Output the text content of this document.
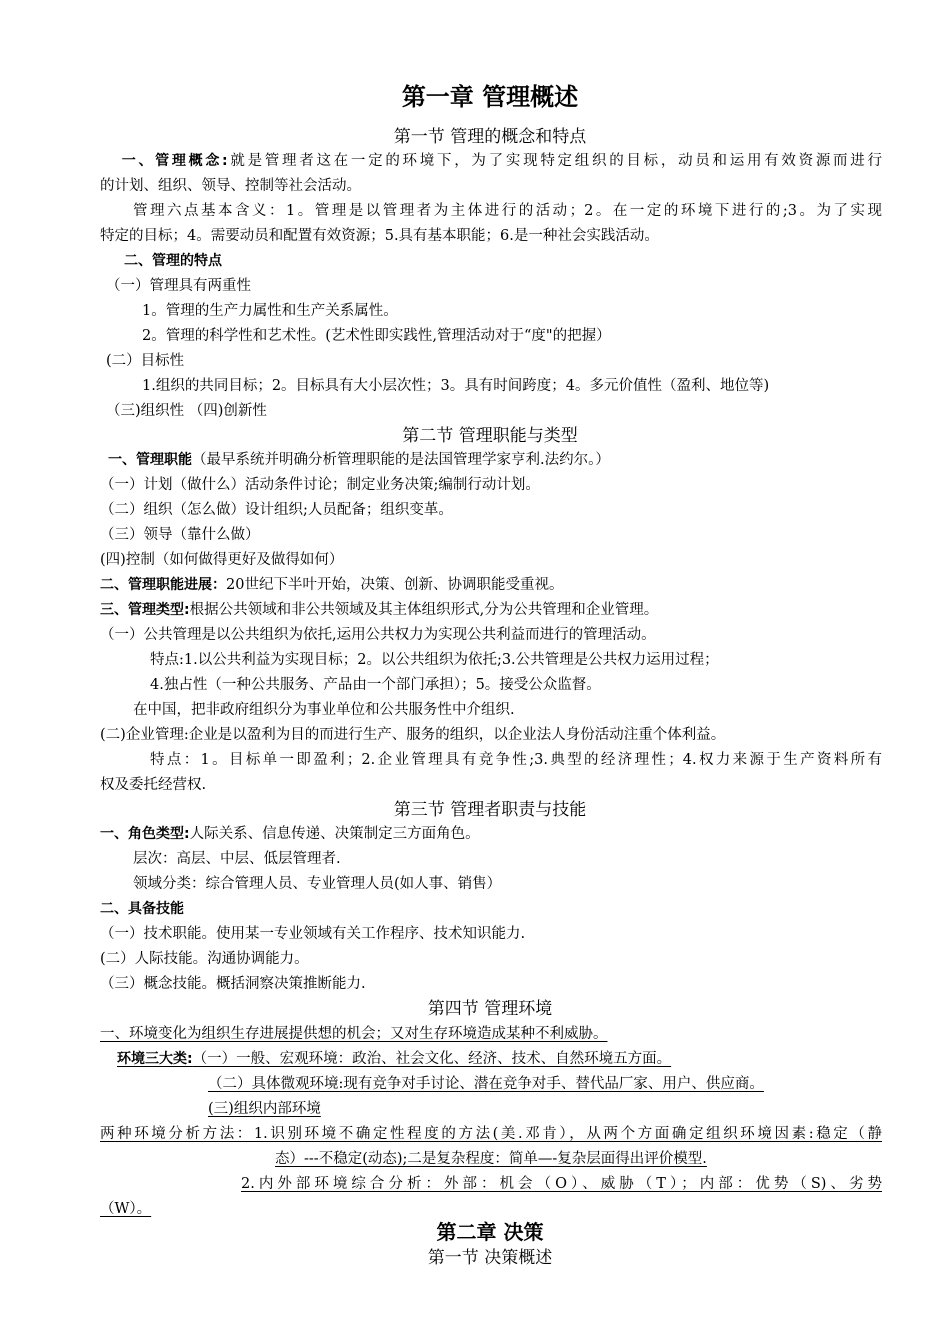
第一章 管理概述

第一节 管理的概念和特点

一、管理概念:就是管理者这在一定的环境下，为了实现特定组织的目标，动员和运用有效资源而进行

的计划、组织、领导、控制等社会活动。

管理六点基本含义：1。管理是以管理者为主体进行的活动；2。在一定的环境下进行的;3。为了实现

特定的目标；4。需要动员和配置有效资源；5.具有基本职能；6.是一种社会实践活动。

二、管理的特点

（一）管理具有两重性

1。管理的生产力属性和生产关系属性。

2。管理的科学性和艺术性。(艺术性即实践性,管理活动对于“度"的把握）

(二）目标性

1.组织的共同目标；2。目标具有大小层次性；3。具有时间跨度；4。多元价值性（盈利、地位等)

（三)组织性 （四)创新性

第二节 管理职能与类型

一、管理职能（最早系统并明确分析管理职能的是法国管理学家亨利.法约尔。）

（一）计划（做什么）活动条件讨论；制定业务决策;编制行动计划。

（二）组织（怎么做）设计组织;人员配备；组织变革。

（三）领导（靠什么做）

(四)控制（如何做得更好及做得如何）

二、管理职能进展：20世纪下半叶开始，决策、创新、协调职能受重视。

三、管理类型:根据公共领域和非公共领域及其主体组织形式,分为公共管理和企业管理。

（一）公共管理是以公共组织为依托,运用公共权力为实现公共利益而进行的管理活动。

特点:1.以公共利益为实现目标；2。以公共组织为依托;3.公共管理是公共权力运用过程；

4.独占性（一种公共服务、产品由一个部门承担）；5。接受公众监督。

在中国，把非政府组织分为事业单位和公共服务性中介组织.

(二)企业管理:企业是以盈利为目的而进行生产、服务的组织，以企业法人身份活动注重个体利益。

特点：1。目标单一即盈利；2.企业管理具有竞争性;3.典型的经济理性；4.权力来源于生产资料所有

权及委托经营权.

第三节 管理者职责与技能

一、角色类型:人际关系、信息传递、决策制定三方面角色。

层次：高层、中层、低层管理者.

领域分类：综合管理人员、专业管理人员(如人事、销售）

二、具备技能

（一）技术职能。使用某一专业领域有关工作程序、技术知识能力.

(二）人际技能。沟通协调能力。

（三）概念技能。概括洞察决策推断能力.

第四节 管理环境

一、环境变化为组织生存进展提供想的机会；又对生存环境造成某种不利威胁。

环境三大类:（一）一般、宏观环境：政治、社会文化、经济、技术、自然环境五方面。

（二）具体微观环境:现有竞争对手讨论、潜在竞争对手、替代品厂家、用户、供应商。

(三)组织内部环境

两种环境分析方法：1.识别环境不确定性程度的方法(美.邓肯），从两个方面确定组织环境因素:稳定（静

态）---不稳定(动态);二是复杂程度：简单—-复杂层面得出评价模型.

2.内外部环境综合分析：外部：机会（O）、威胁（T）；内部：优势（S)、劣势

（W）。

第二章 决策

第一节 决策概述
